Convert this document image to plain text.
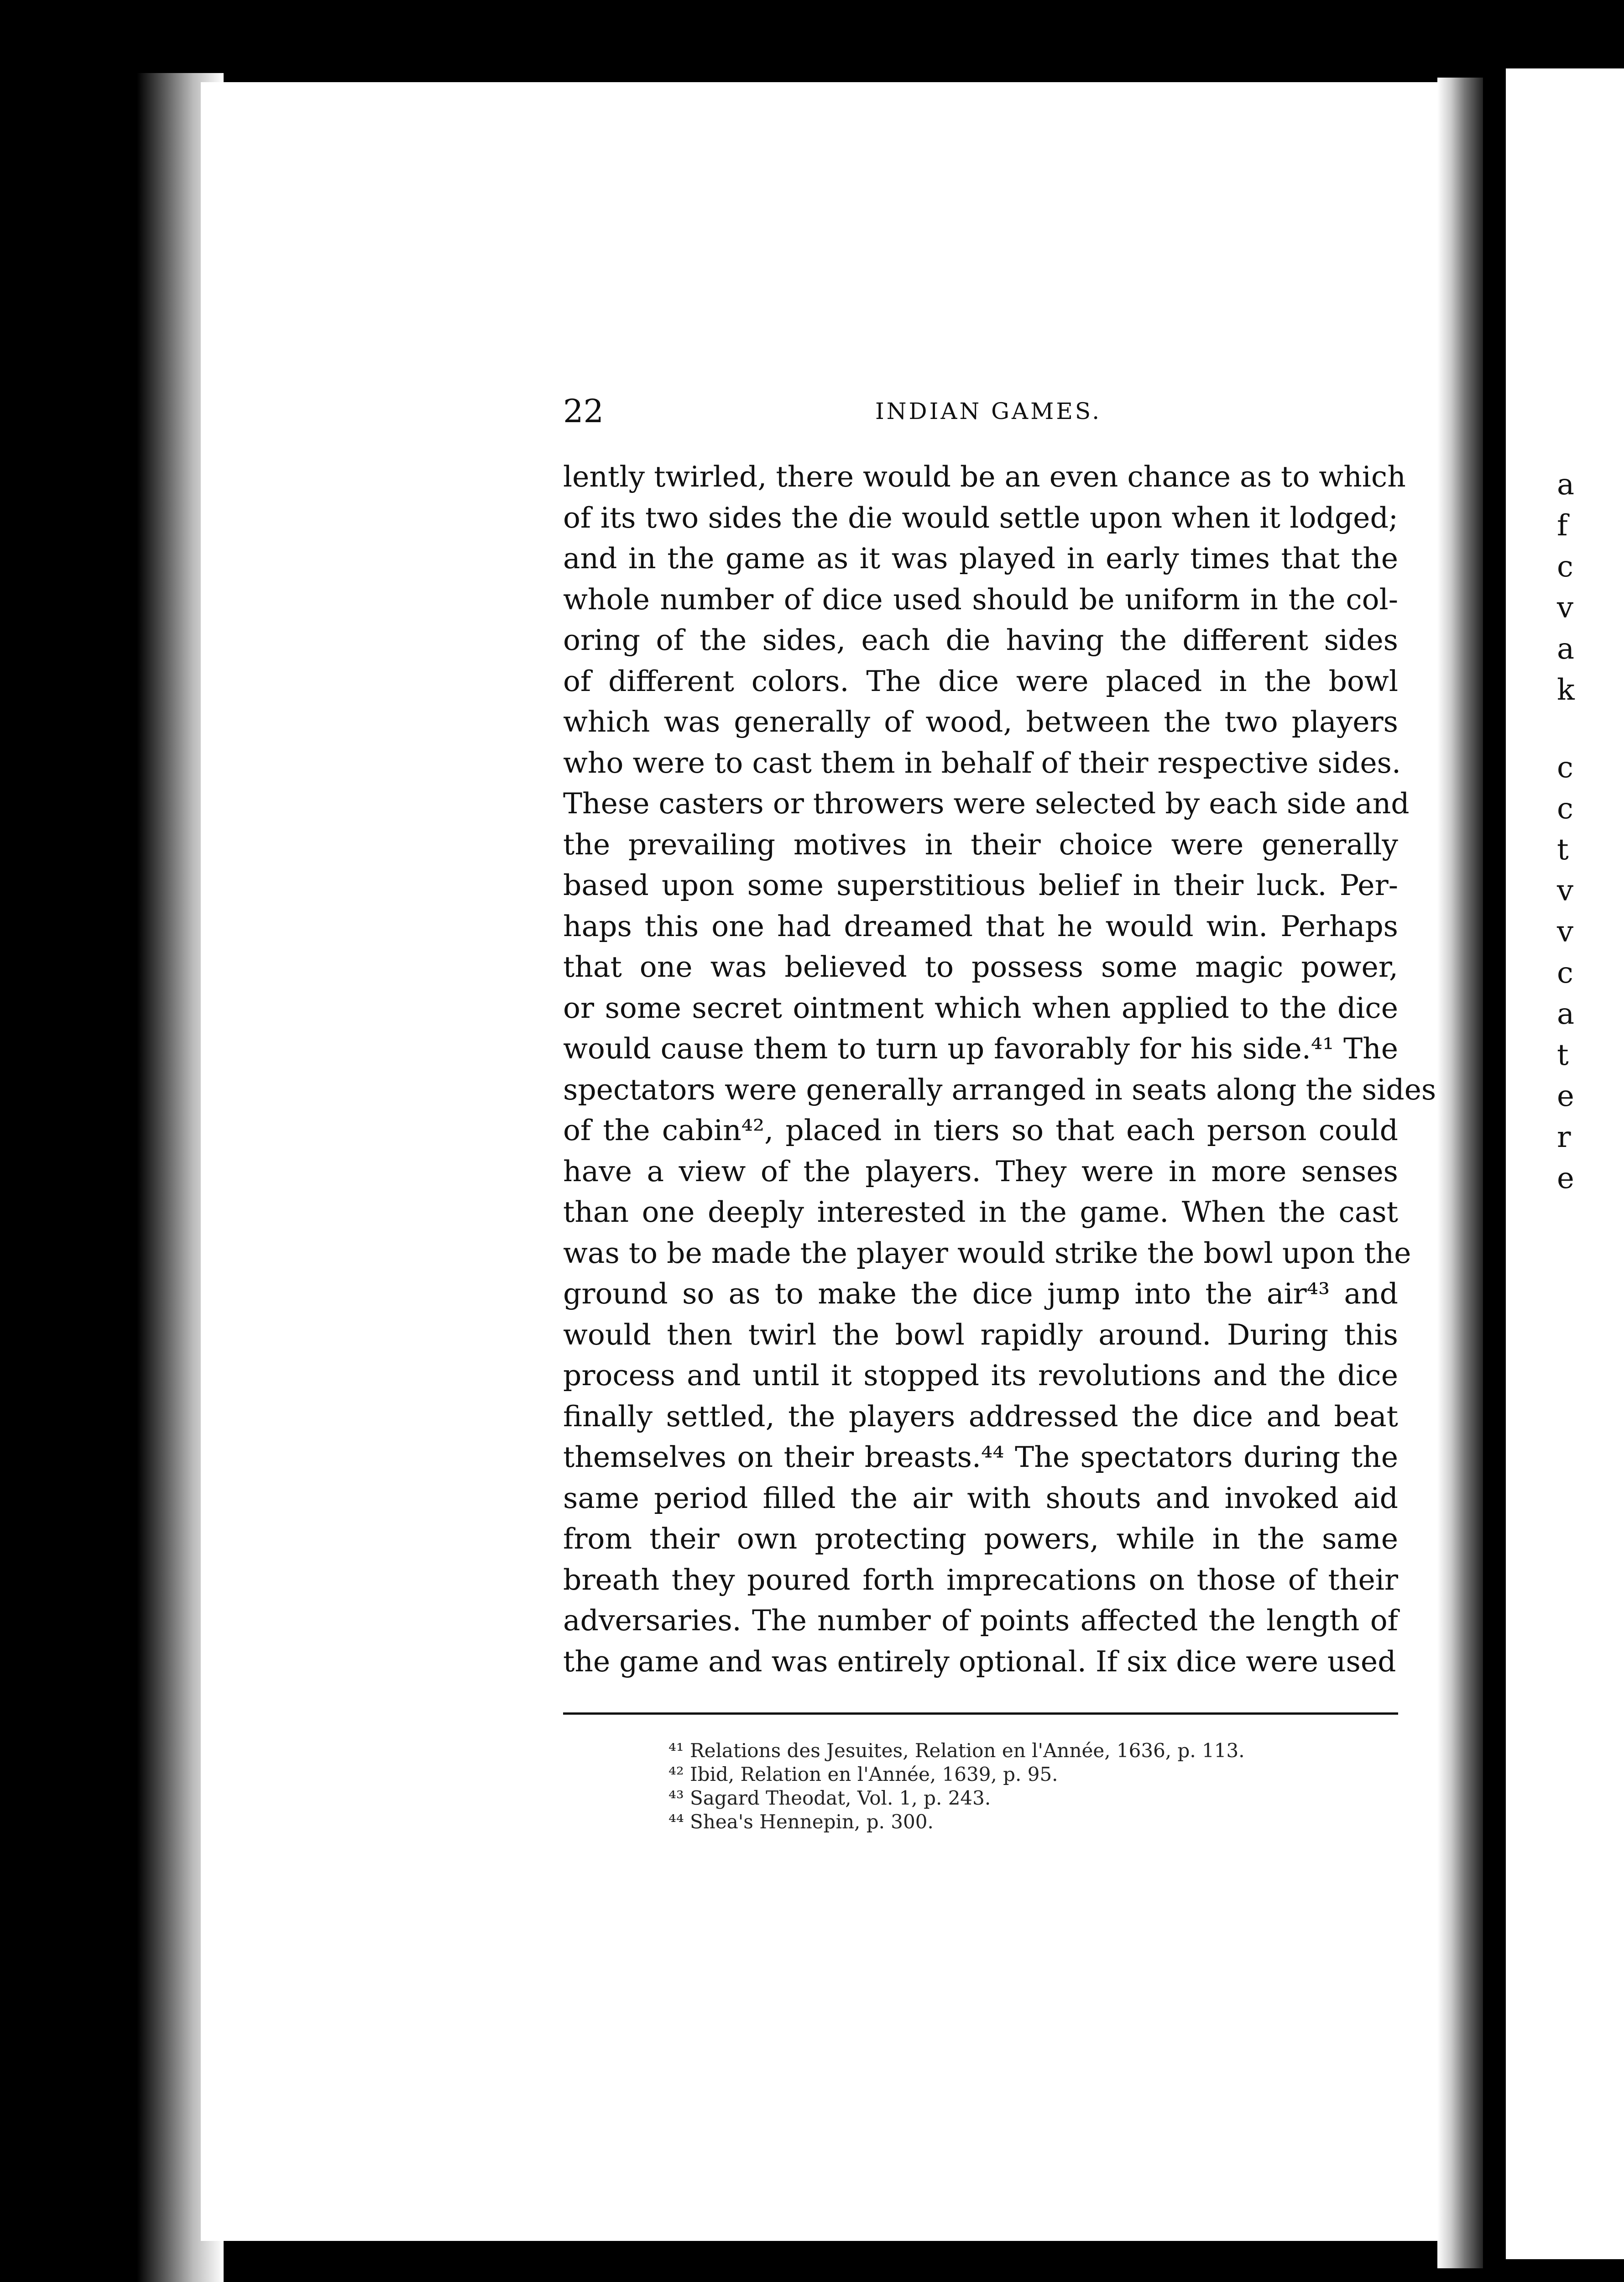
a
f
c
v
a
k
c
c
t
v
v
c
a
t
e
r
e
22	INDIAN GAMES.
lently twirled, there would be an even chance as to which
of its two sides the die would settle upon when it lodged;
and in the game as it was played in early times that the
whole number of dice used should be uniform in the col-
oring of the sides, each die having the different sides
of different colors. The dice were placed in the bowl
which was generally of wood, between the two players
who were to cast them in behalf of their respective sides.
These casters or throwers were selected by each side and
the prevailing motives in their choice were generally
based upon some superstitious belief in their luck. Per-
haps this one had dreamed that he would win. Perhaps
that one was believed to possess some magic power,
or some secret ointment which when applied to the dice
would cause them to turn up favorably for his side.⁴¹ The
spectators were generally arranged in seats along the sides
of the cabin⁴², placed in tiers so that each person could
have a view of the players. They were in more senses
than one deeply interested in the game. When the cast
was to be made the player would strike the bowl upon the
ground so as to make the dice jump into the air⁴³ and
would then twirl the bowl rapidly around. During this
process and until it stopped its revolutions and the dice
finally settled, the players addressed the dice and beat
themselves on their breasts.⁴⁴ The spectators during the
same period filled the air with shouts and invoked aid
from their own protecting powers, while in the same
breath they poured forth imprecations on those of their
adversaries. The number of points affected the length of
the game and was entirely optional. If six dice were used
⁴¹ Relations des Jesuites, Relation en l'Année, 1636, p. 113.
⁴² Ibid, Relation en l'Année, 1639, p. 95.
⁴³ Sagard Theodat, Vol. 1, p. 243.
⁴⁴ Shea's Hennepin, p. 300.
